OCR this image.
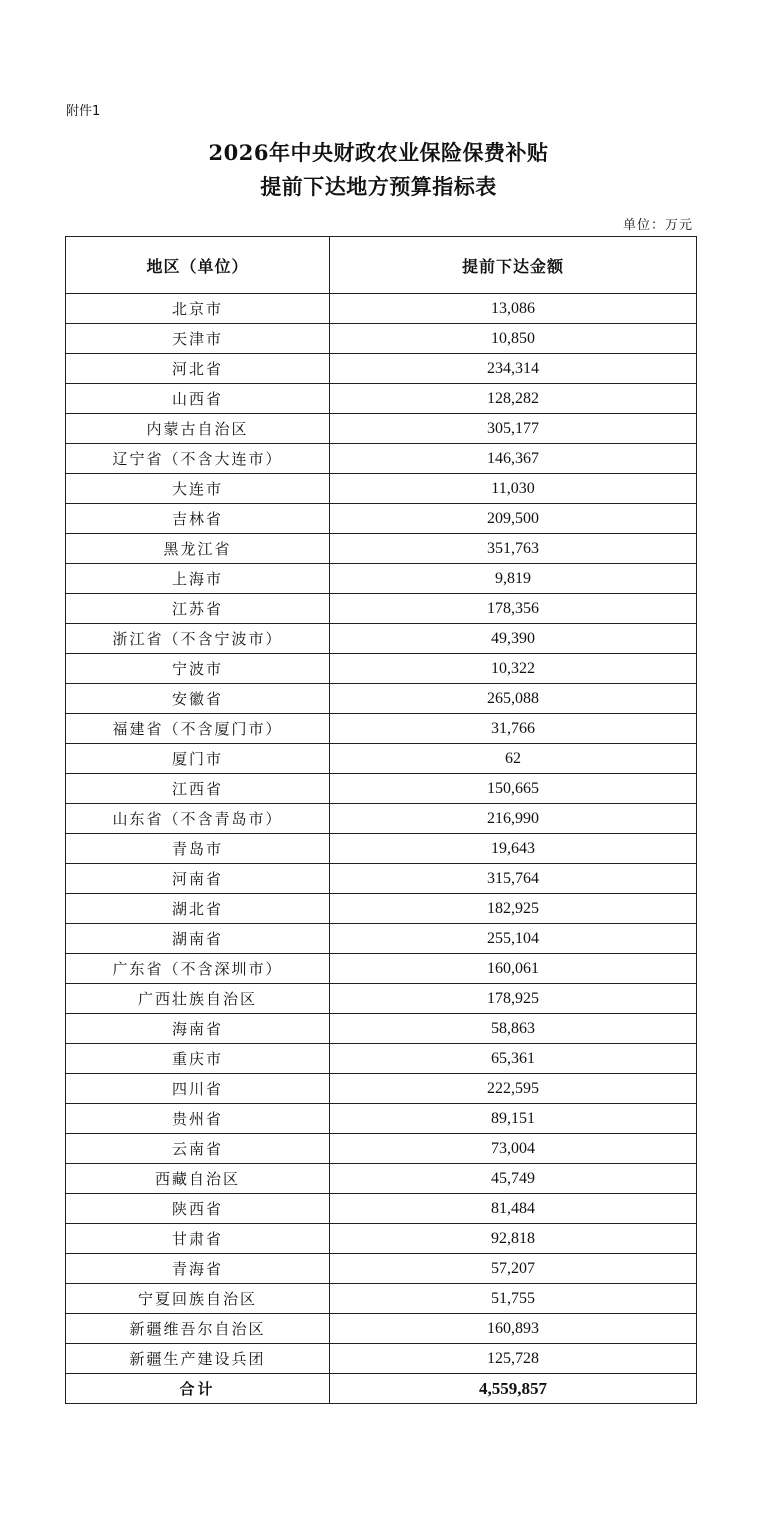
附件1
2026年中央财政农业保险保费补贴
提前下达地方预算指标表
单位：万元
地区（单位）	提前下达金额
北京市	13,086
天津市	10,850
河北省	234,314
山西省	128,282
内蒙古自治区	305,177
辽宁省（不含大连市）	146,367
大连市	11,030
吉林省	209,500
黑龙江省	351,763
上海市	9,819
江苏省	178,356
浙江省（不含宁波市）	49,390
宁波市	10,322
安徽省	265,088
福建省（不含厦门市）	31,766
厦门市	62
江西省	150,665
山东省（不含青岛市）	216,990
青岛市	19,643
河南省	315,764
湖北省	182,925
湖南省	255,104
广东省（不含深圳市）	160,061
广西壮族自治区	178,925
海南省	58,863
重庆市	65,361
四川省	222,595
贵州省	89,151
云南省	73,004
西藏自治区	45,749
陕西省	81,484
甘肃省	92,818
青海省	57,207
宁夏回族自治区	51,755
新疆维吾尔自治区	160,893
新疆生产建设兵团	125,728
合计	4,559,857
